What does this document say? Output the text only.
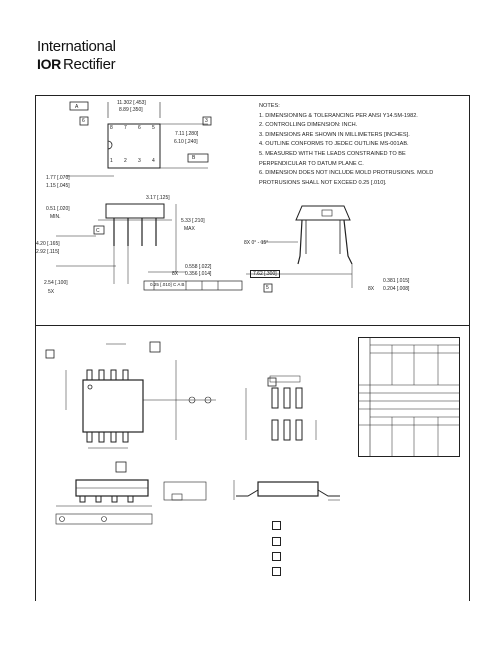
International
IOR Rectifier
NOTES:
1. DIMENSIONING & TOLERANCING PER ANSI Y14.5M-1982.
2. CONTROLLING DIMENSION: INCH.
3. DIMENSIONS ARE SHOWN IN MILLIMETERS [INCHES].
4. OUTLINE CONFORMS TO JEDEC OUTLINE MS-001AB.
5. MEASURED WITH THE LEADS CONSTRAINED TO BE
PERPENDICULAR TO DATUM PLANE C.
6. DIMENSION DOES NOT INCLUDE MOLD PROTRUSIONS. MOLD
PROTRUSIONS SHALL NOT EXCEED 0.25 [.010].
A
11.302 [.453]
8.89 [.350]
6	3
7.11 [.280]
6.10 [.240]
B
8 7 6 5
1 2 3 4
1.77 [.070]
1.15 [.045]
3.17 [.125]
0.51 [.020]
MIN.
5.33 [.210]
MAX
C
4.20 [.165]
2.92 [.115]
0.558 [.022]
8X 0.356 [.014]
2.54 [.100]
5X
0.25 [.010] C A B
8X 0° - 15°
7.62 [.300]
5
0.381 [.015]
8X 0.204 [.008]
